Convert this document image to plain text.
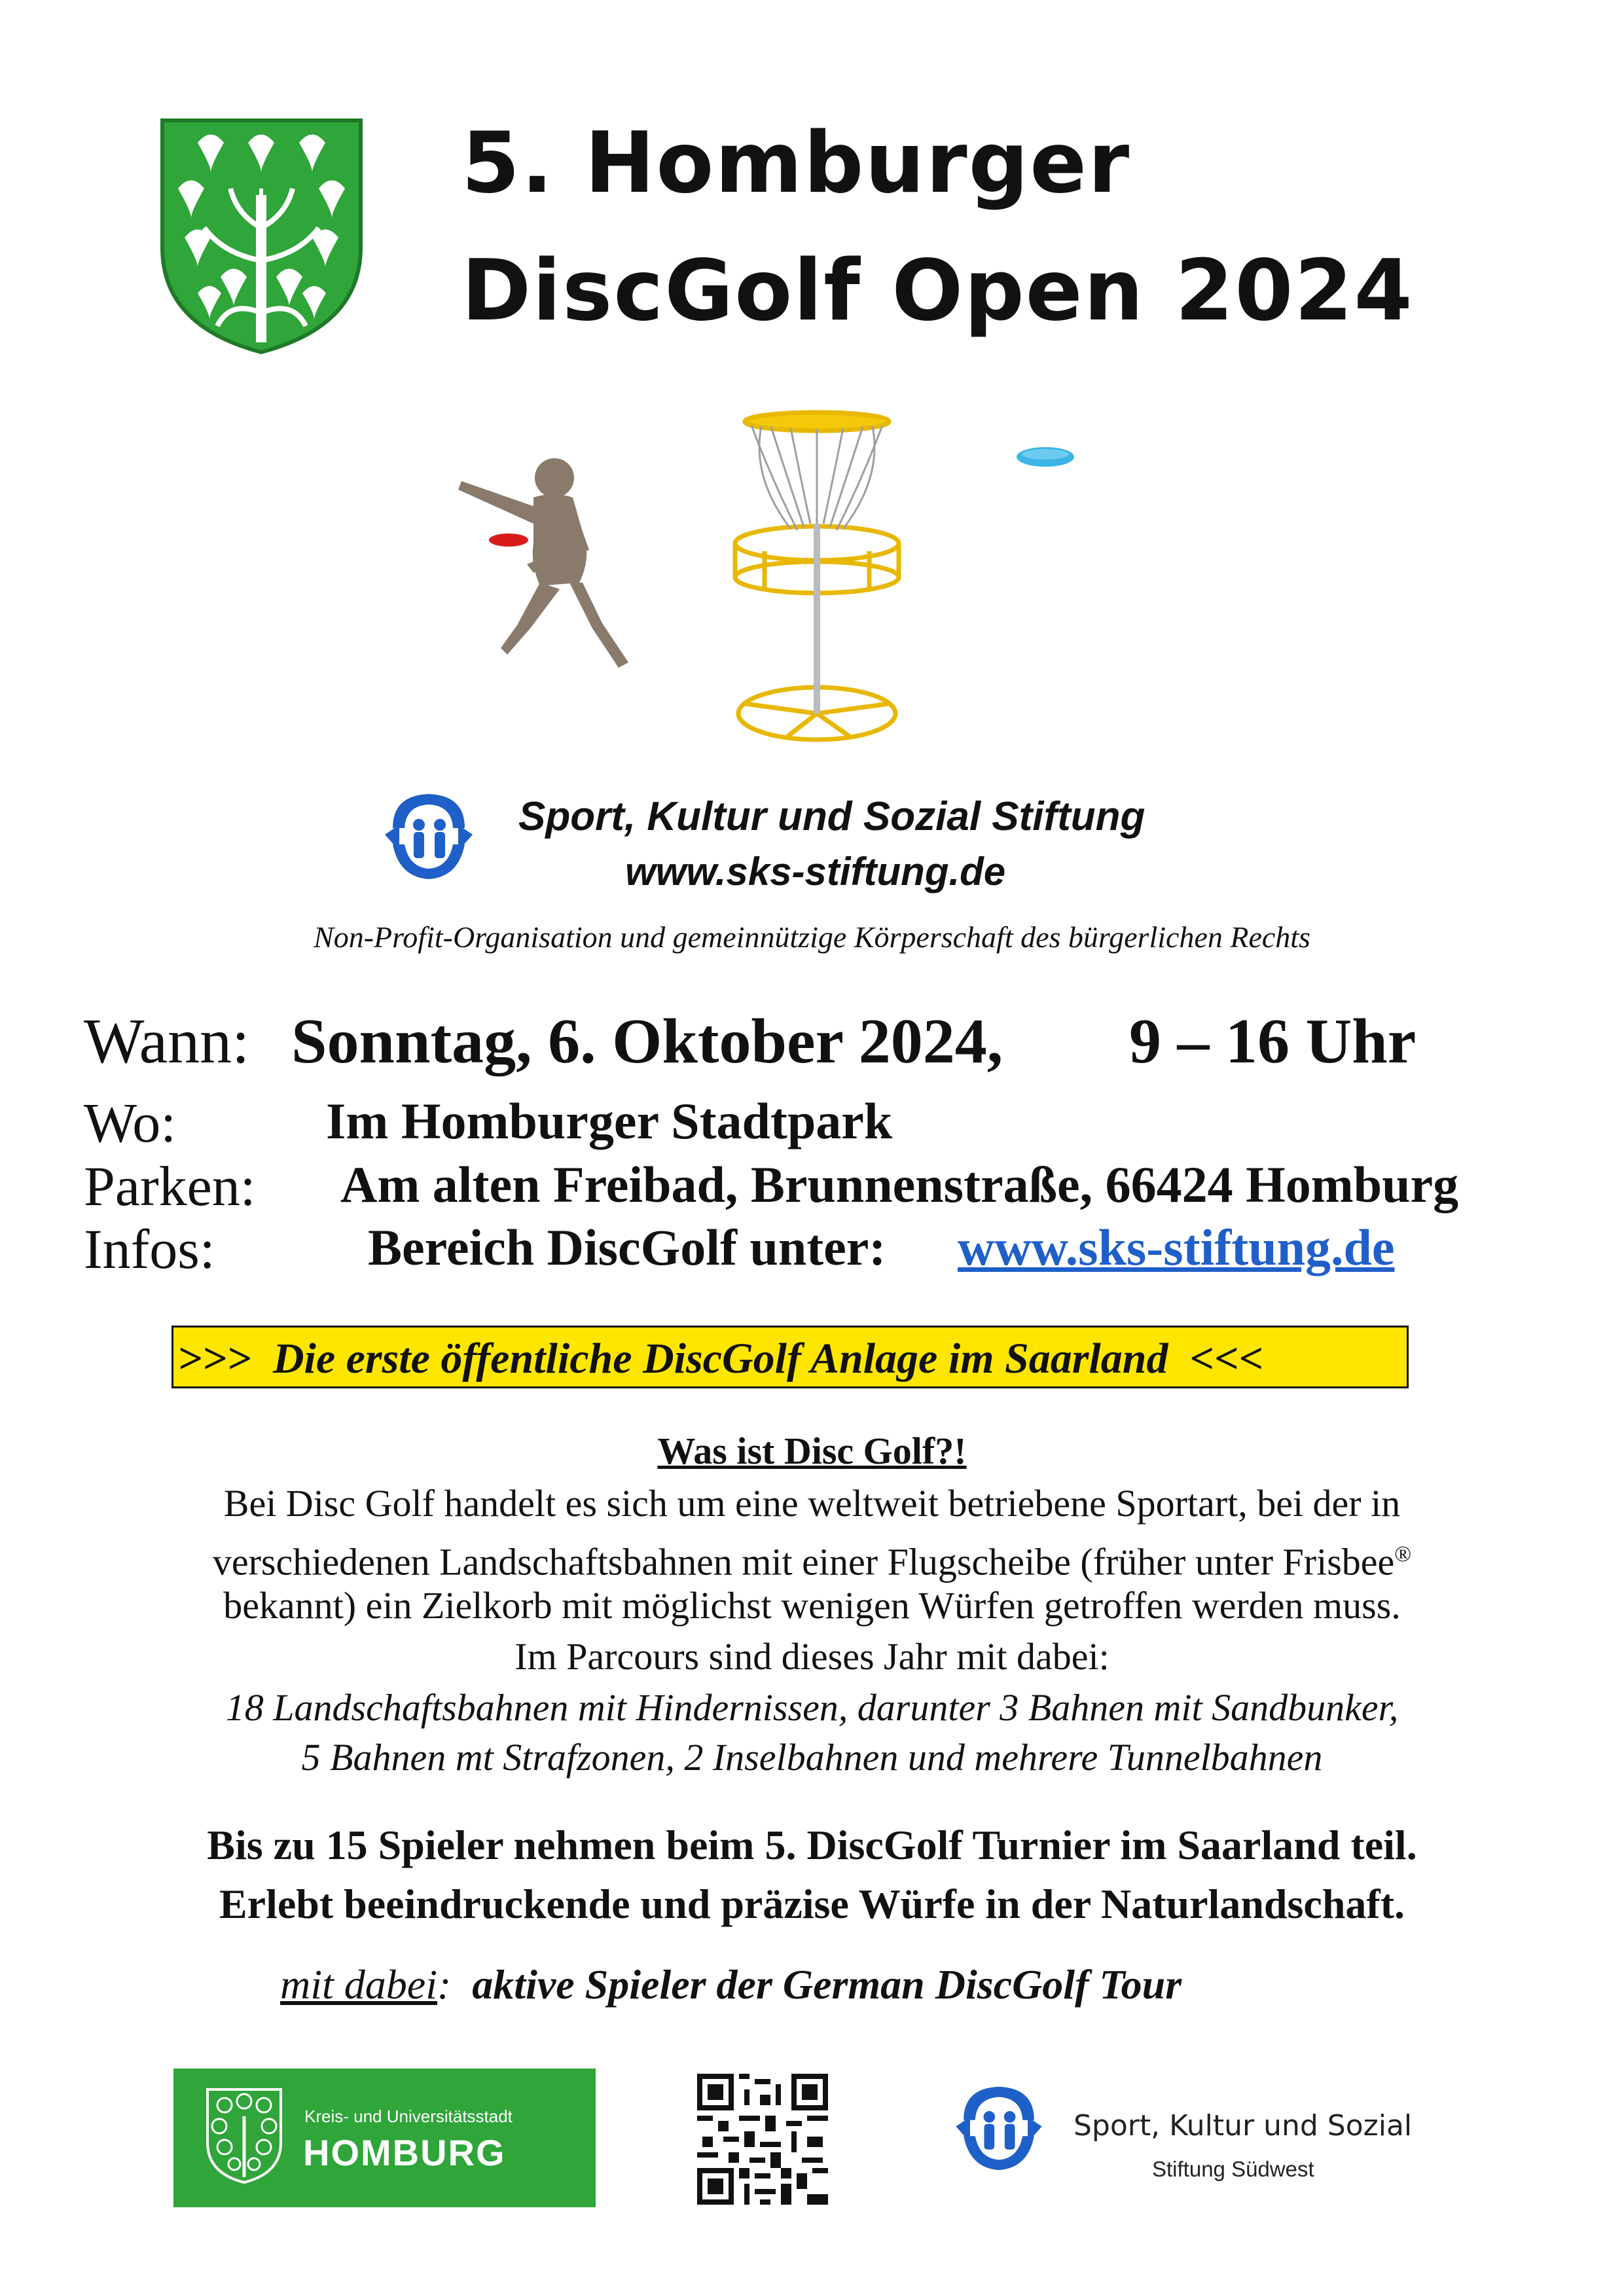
5. Homburger
DiscGolf Open 2024
Sport, Kultur und Sozial Stiftung
www.sks-stiftung.de
Non-Profit-Organisation und gemeinnützige Körperschaft des bürgerlichen Rechts
Wann: Sonntag, 6. Oktober 2024, 9 – 16 Uhr
Wo:	Im Homburger Stadtpark
Parken: Am alten Freibad, Brunnenstraße, 66424 Homburg
Infos:	Bereich DiscGolf unter: www.sks-stiftung.de
>>> Die erste öffentliche DiscGolf Anlage im Saarland <<<
Was ist Disc Golf?!
Bei Disc Golf handelt es sich um eine weltweit betriebene Sportart, bei der in
verschiedenen Landschaftsbahnen mit einer Flugscheibe (früher unter Frisbee®
bekannt) ein Zielkorb mit möglichst wenigen Würfen getroffen werden muss.
Im Parcours sind dieses Jahr mit dabei:
18 Landschaftsbahnen mit Hindernissen, darunter 3 Bahnen mit Sandbunker,
5 Bahnen mt Strafzonen, 2 Inselbahnen und mehrere Tunnelbahnen
Bis zu 15 Spieler nehmen beim 5. DiscGolf Turnier im Saarland teil.
Erlebt beeindruckende und präzise Würfe in der Naturlandschaft.
mit dabei: aktive Spieler der German DiscGolf Tour
Kreis- und Universitätsstadt
HOMBURG
Sport, Kultur und Sozial
Stiftung Südwest
